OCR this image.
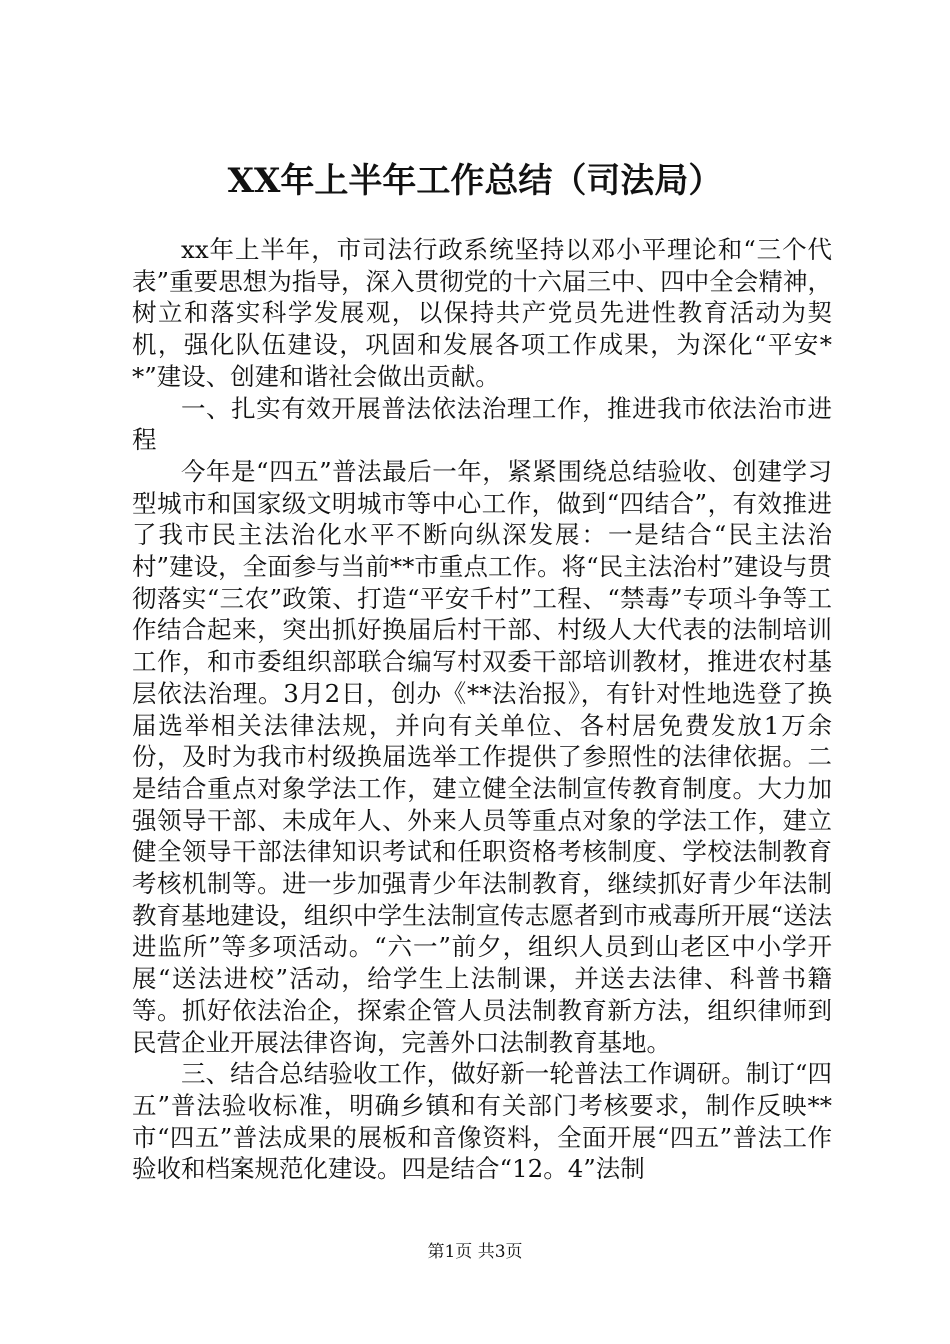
XX年上半年工作总结（司法局）

xx年上半年，市司法行政系统坚持以邓小平理论和“三个代表”重要思想为指导，深入贯彻党的十六届三中、四中全会精神，树立和落实科学发展观，以保持共产党员先进性教育活动为契机，强化队伍建设，巩固和发展各项工作成果，为深化“平安**”建设、创建和谐社会做出贡献。

一、扎实有效开展普法依法治理工作，推进我市依法治市进程

今年是“四五”普法最后一年，紧紧围绕总结验收、创建学习型城市和国家级文明城市等中心工作，做到“四结合”，有效推进了我市民主法治化水平不断向纵深发展：一是结合“民主法治村”建设，全面参与当前**市重点工作。将“民主法治村”建设与贯彻落实“三农”政策、打造“平安千村”工程、“禁毒”专项斗争等工作结合起来，突出抓好换届后村干部、村级人大代表的法制培训工作，和市委组织部联合编写村双委干部培训教材，推进农村基层依法治理。3月2日，创办《**法治报》，有针对性地选登了换届选举相关法律法规，并向有关单位、各村居免费发放1万余份，及时为我市村级换届选举工作提供了参照性的法律依据。二是结合重点对象学法工作，建立健全法制宣传教育制度。大力加强领导干部、未成年人、外来人员等重点对象的学法工作，建立健全领导干部法律知识考试和任职资格考核制度、学校法制教育考核机制等。进一步加强青少年法制教育，继续抓好青少年法制教育基地建设，组织中学生法制宣传志愿者到市戒毒所开展“送法进监所”等多项活动。“六一”前夕，组织人员到山老区中小学开展“送法进校”活动，给学生上法制课，并送去法律、科普书籍等。抓好依法治企，探索企管人员法制教育新方法，组织律师到民营企业开展法律咨询，完善外口法制教育基地。

三、结合总结验收工作，做好新一轮普法工作调研。制订“四五”普法验收标准，明确乡镇和有关部门考核要求，制作反映**市“四五”普法成果的展板和音像资料，全面开展“四五”普法工作验收和档案规范化建设。四是结合“12。4”法制

第1页 共3页
